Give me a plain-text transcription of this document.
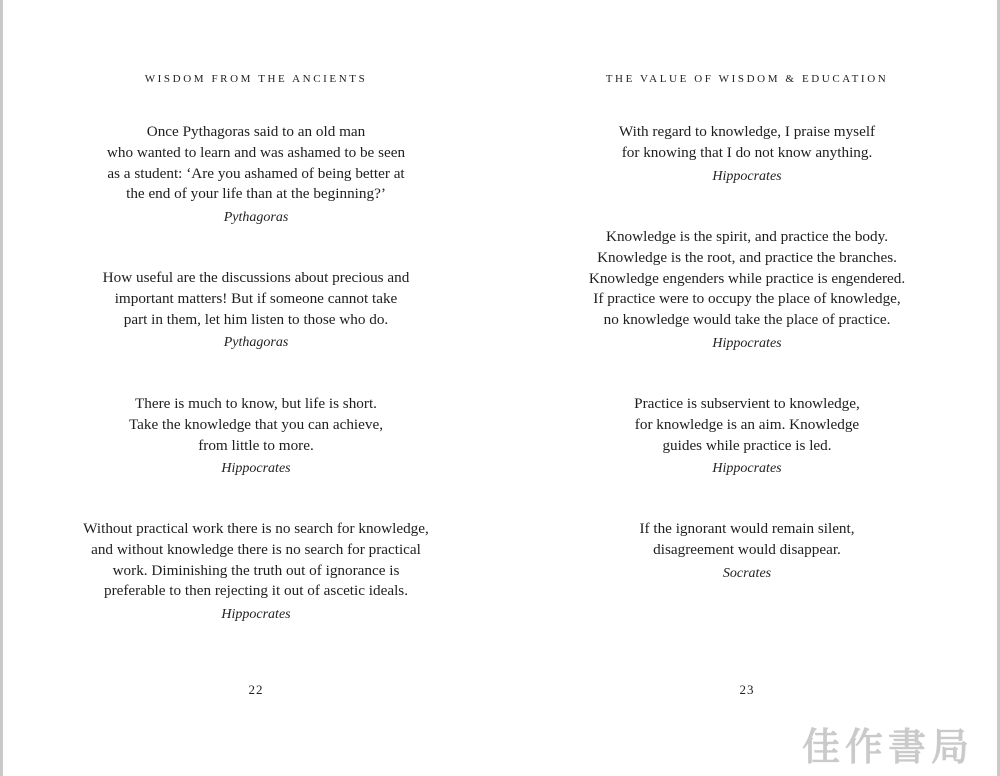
WISDOM FROM THE ANCIENTS
Once Pythagoras said to an old man
who wanted to learn and was ashamed to be seen
as a student: ‘Are you ashamed of being better at
the end of your life than at the beginning?’
Pythagoras
How useful are the discussions about precious and
important matters! But if someone cannot take
part in them, let him listen to those who do.
Pythagoras
There is much to know, but life is short.
Take the knowledge that you can achieve,
from little to more.
Hippocrates
Without practical work there is no search for knowledge,
and without knowledge there is no search for practical
work. Diminishing the truth out of ignorance is
preferable to then rejecting it out of ascetic ideals.
Hippocrates
22
THE VALUE OF WISDOM & EDUCATION
With regard to knowledge, I praise myself
for knowing that I do not know anything.
Hippocrates
Knowledge is the spirit, and practice the body.
Knowledge is the root, and practice the branches.
Knowledge engenders while practice is engendered.
If practice were to occupy the place of knowledge,
no knowledge would take the place of practice.
Hippocrates
Practice is subservient to knowledge,
for knowledge is an aim. Knowledge
guides while practice is led.
Hippocrates
If the ignorant would remain silent,
disagreement would disappear.
Socrates
23
佳作書局
